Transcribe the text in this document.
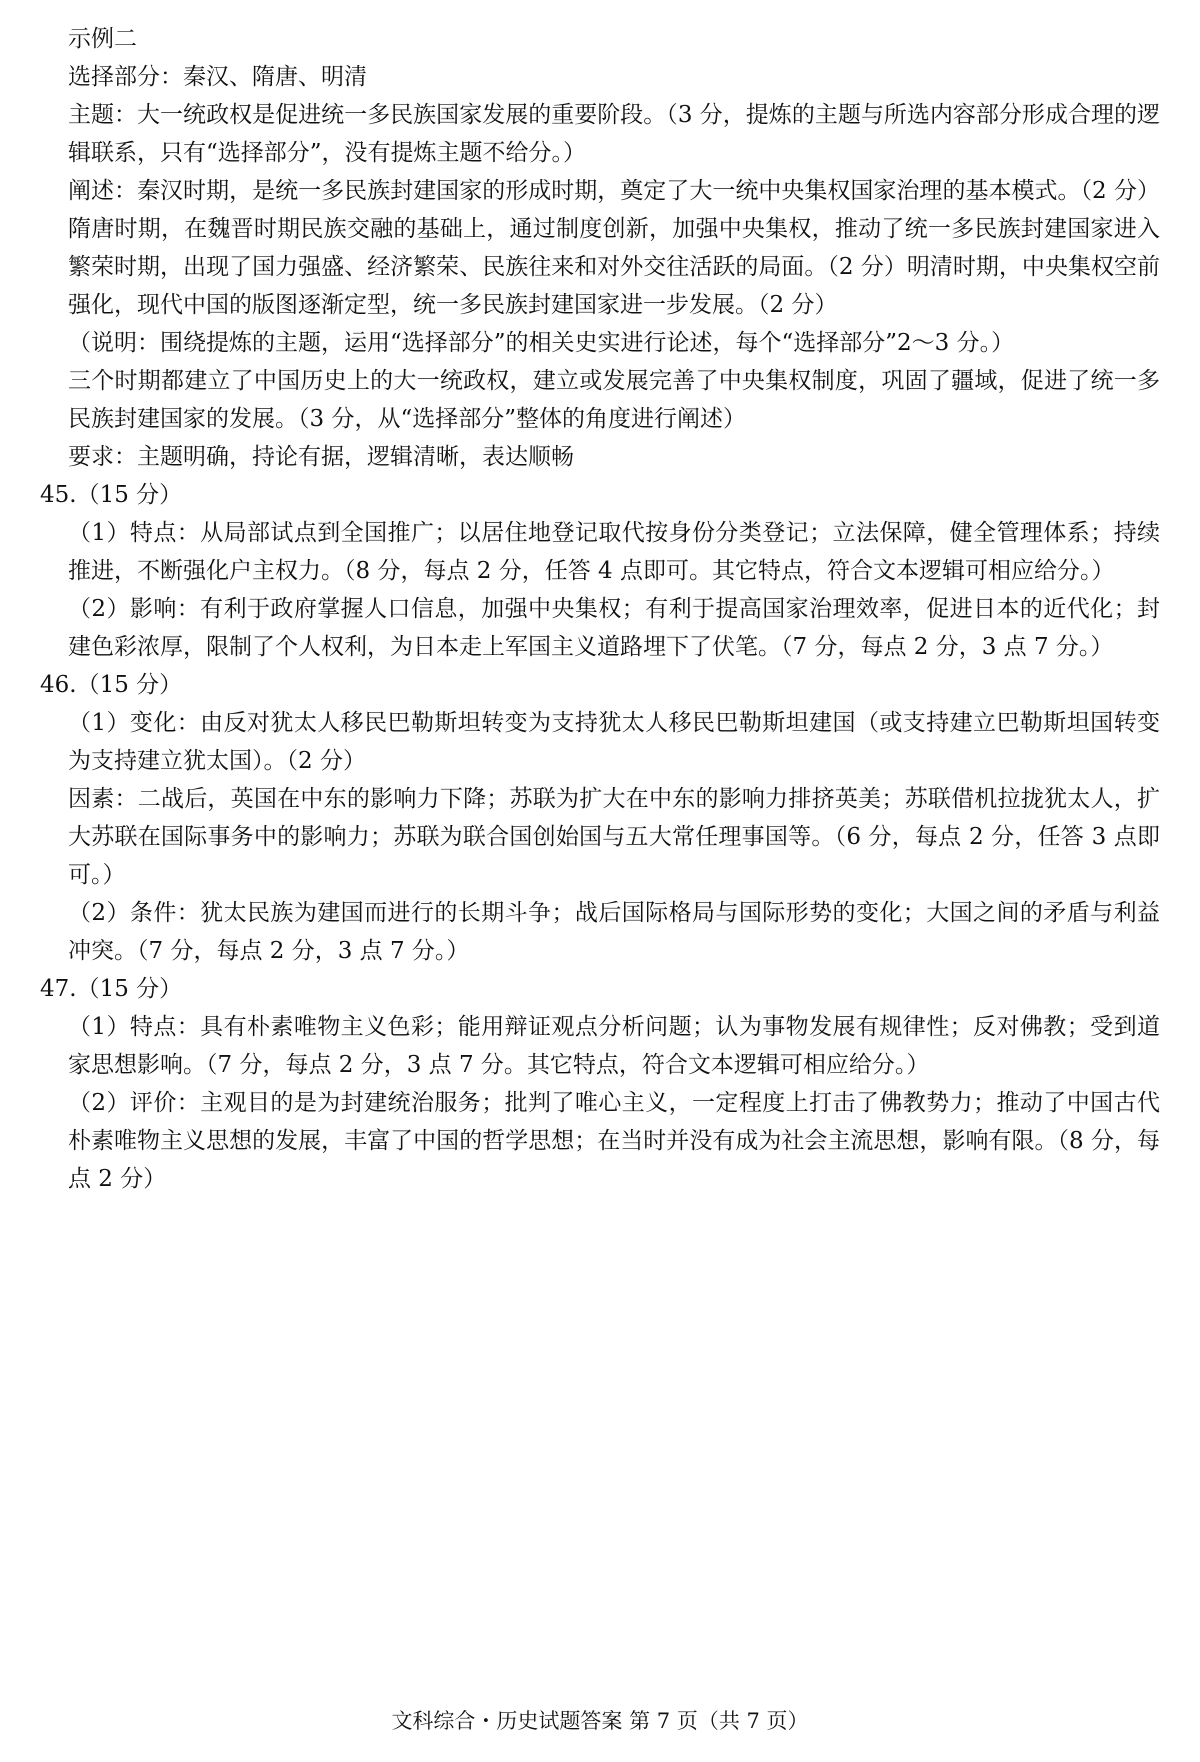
示例二

选择部分：秦汉、隋唐、明清

主题：大一统政权是促进统一多民族国家发展的重要阶段。（3 分，提炼的主题与所选内容部分形成合理的逻辑联系，只有“选择部分”，没有提炼主题不给分。）

阐述：秦汉时期，是统一多民族封建国家的形成时期，奠定了大一统中央集权国家治理的基本模式。（2 分）隋唐时期，在魏晋时期民族交融的基础上，通过制度创新，加强中央集权，推动了统一多民族封建国家进入繁荣时期，出现了国力强盛、经济繁荣、民族往来和对外交往活跃的局面。（2 分）明清时期，中央集权空前强化，现代中国的版图逐渐定型，统一多民族封建国家进一步发展。（2 分）

（说明：围绕提炼的主题，运用“选择部分”的相关史实进行论述，每个“选择部分”2～3 分。）

三个时期都建立了中国历史上的大一统政权，建立或发展完善了中央集权制度，巩固了疆域，促进了统一多民族封建国家的发展。（3 分，从“选择部分”整体的角度进行阐述）

要求：主题明确，持论有据，逻辑清晰，表达顺畅

45.（15 分）

（1）特点：从局部试点到全国推广；以居住地登记取代按身份分类登记；立法保障，健全管理体系；持续推进，不断强化户主权力。（8 分，每点 2 分，任答 4 点即可。其它特点，符合文本逻辑可相应给分。）

（2）影响：有利于政府掌握人口信息，加强中央集权；有利于提高国家治理效率，促进日本的近代化；封建色彩浓厚，限制了个人权利，为日本走上军国主义道路埋下了伏笔。（7 分，每点 2 分，3 点 7 分。）

46.（15 分）

（1）变化：由反对犹太人移民巴勒斯坦转变为支持犹太人移民巴勒斯坦建国（或支持建立巴勒斯坦国转变为支持建立犹太国）。（2 分）

因素：二战后，英国在中东的影响力下降；苏联为扩大在中东的影响力排挤英美；苏联借机拉拢犹太人，扩大苏联在国际事务中的影响力；苏联为联合国创始国与五大常任理事国等。（6 分，每点 2 分，任答 3 点即可。）

（2）条件：犹太民族为建国而进行的长期斗争；战后国际格局与国际形势的变化；大国之间的矛盾与利益冲突。（7 分，每点 2 分，3 点 7 分。）

47.（15 分）

（1）特点：具有朴素唯物主义色彩；能用辩证观点分析问题；认为事物发展有规律性；反对佛教；受到道家思想影响。（7 分，每点 2 分，3 点 7 分。其它特点，符合文本逻辑可相应给分。）

（2）评价：主观目的是为封建统治服务；批判了唯心主义，一定程度上打击了佛教势力；推动了中国古代朴素唯物主义思想的发展，丰富了中国的哲学思想；在当时并没有成为社会主流思想，影响有限。（8 分，每点 2 分）

文科综合・历史试题答案 第 7 页（共 7 页）
